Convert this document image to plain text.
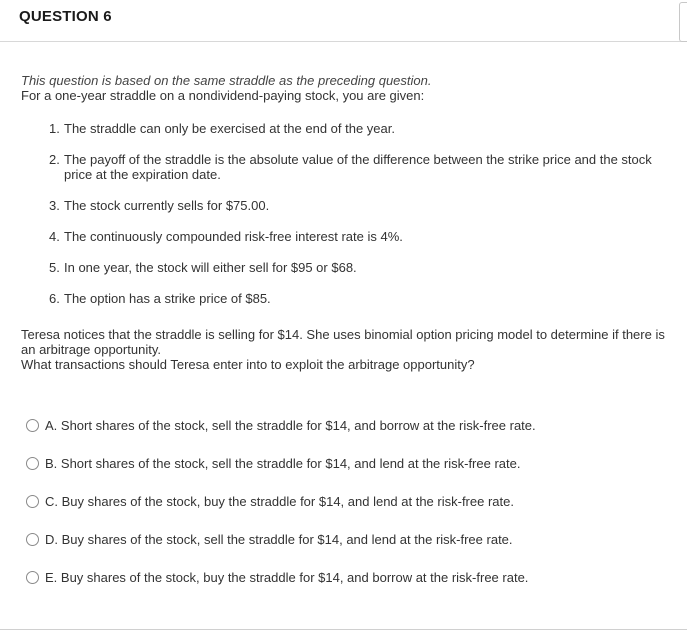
QUESTION 6
This question is based on the same straddle as the preceding question.
For a one-year straddle on a nondividend-paying stock, you are given:
1. The straddle can only be exercised at the end of the year.
2. The payoff of the straddle is the absolute value of the difference between the strike price and the stock price at the expiration date.
3. The stock currently sells for $75.00.
4. The continuously compounded risk-free interest rate is 4%.
5. In one year, the stock will either sell for $95 or $68.
6. The option has a strike price of $85.
Teresa notices that the straddle is selling for $14. She uses binomial option pricing model to determine if there is an arbitrage opportunity.
What transactions should Teresa enter into to exploit the arbitrage opportunity?
A. Short shares of the stock, sell the straddle for $14, and borrow at the risk-free rate.
B. Short shares of the stock, sell the straddle for $14, and lend at the risk-free rate.
C. Buy shares of the stock, buy the straddle for $14, and lend at the risk-free rate.
D. Buy shares of the stock, sell the straddle for $14, and lend at the risk-free rate.
E. Buy shares of the stock, buy the straddle for $14, and borrow at the risk-free rate.
